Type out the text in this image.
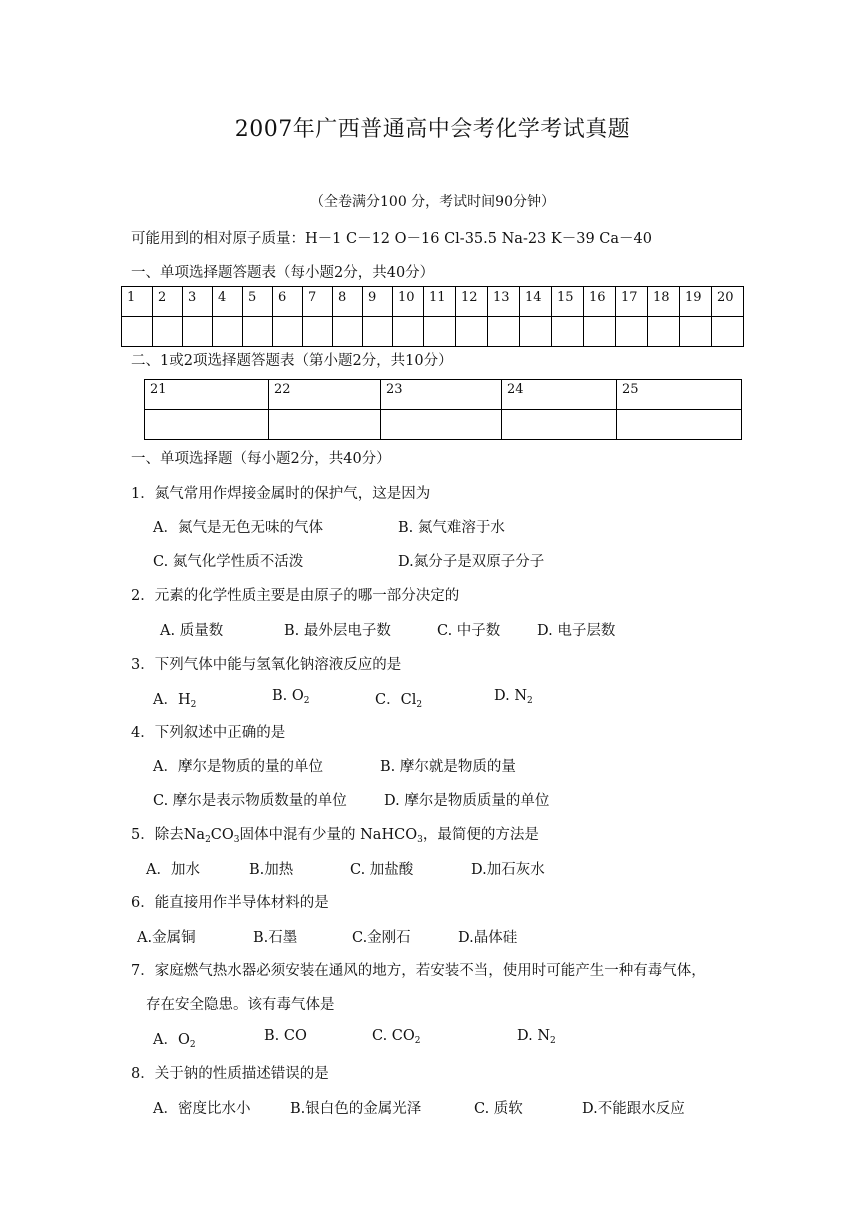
2007年广西普通高中会考化学考试真题
（全卷满分100 分，考试时间90分钟）
可能用到的相对原子质量：H－1 C－12 O－16 Cl-35.5 Na-23 K－39 Ca－40
一、单项选择题答题表（每小题2分，共40分）
1	2	3	4	5	6	7	8	9	10	11	12	13	14	15	16	17	18	19	20

二、1或2项选择题答题表（第小题2分，共10分）
21	22	23	24	25

一、单项选择题（每小题2分，共40分）
1．氮气常用作焊接金属时的保护气，这是因为
A．氮气是无色无味的气体	B. 氮气难溶于水
C. 氮气化学性质不活泼	D.氮分子是双原子分子
2．元素的化学性质主要是由原子的哪一部分决定的
A. 质量数	B. 最外层电子数	C. 中子数	D. 电子层数
3．下列气体中能与氢氧化钠溶液反应的是
A．$H_2$
B. $O_2$	C．$Cl_2$
D. $N_2$
4．下列叙述中正确的是
A．摩尔是物质的量的单位	B. 摩尔就是物质的量
C. 摩尔是表示物质数量的单位	D. 摩尔是物质质量的单位
5．除去$Na_2CO_3$固体中混有少量的 NaHCO$_3$，最简便的方法是
A．加水	B.加热	C. 加盐酸	D.加石灰水
6．能直接用作半导体材料的是
A.金属铜	B.石墨	C.金刚石	D.晶体硅
7．家庭燃气热水器必须安装在通风的地方，若安装不当，使用时可能产生一种有毒气体，
存在安全隐患。该有毒气体是
A．$O_2$
B. CO	C. $CO_2$	D. $N_2$
8．关于钠的性质描述错误的是
A．密度比水小	B.银白色的金属光泽	C. 质软	D.不能跟水反应
